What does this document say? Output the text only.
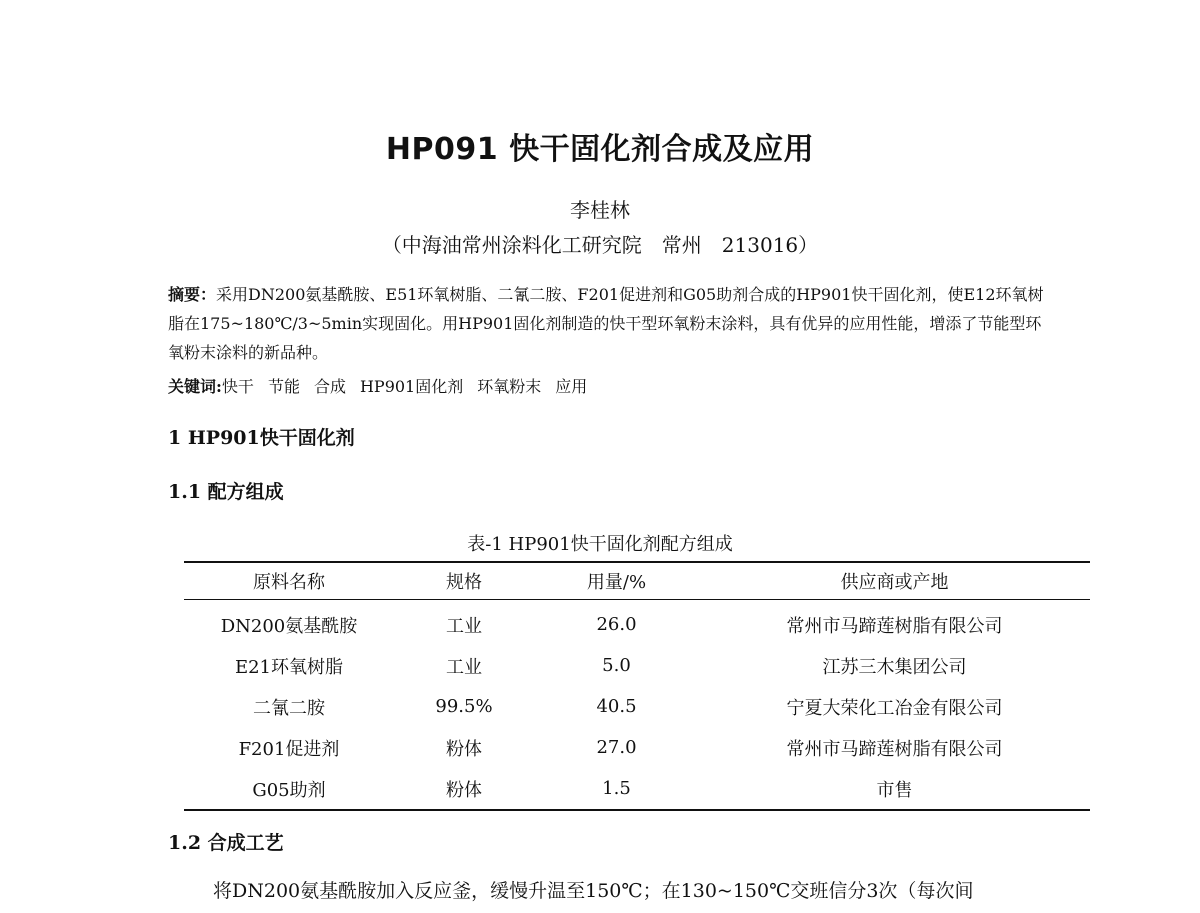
HP091 快干固化剂合成及应用
李桂林
（中海油常州涂料化工研究院　常州　213016）
摘要：采用DN200氨基酰胺、E51环氧树脂、二氰二胺、F201促进剂和G05助剂合成的HP901快干固化剂，使E12环氧树脂在175~180℃/3~5min实现固化。用HP901固化剂制造的快干型环氧粉末涂料，具有优异的应用性能，增添了节能型环氧粉末涂料的新品种。
关键词:快干 节能 合成 HP901固化剂 环氧粉末 应用
1 HP901快干固化剂
1.1 配方组成
表-1 HP901快干固化剂配方组成
原料名称	规格	用量/%	供应商或产地
DN200氨基酰胺	工业	26.0	常州市马蹄莲树脂有限公司
E21环氧树脂	工业	5.0	江苏三木集团公司
二氰二胺	99.5%	40.5	宁夏大荣化工冶金有限公司
F201促进剂	粉体	27.0	常州市马蹄莲树脂有限公司
G05助剂	粉体	1.5	市售
1.2 合成工艺
将DN200氨基酰胺加入反应釜，缓慢升温至150℃；在130~150℃交班信分3次（每次间
